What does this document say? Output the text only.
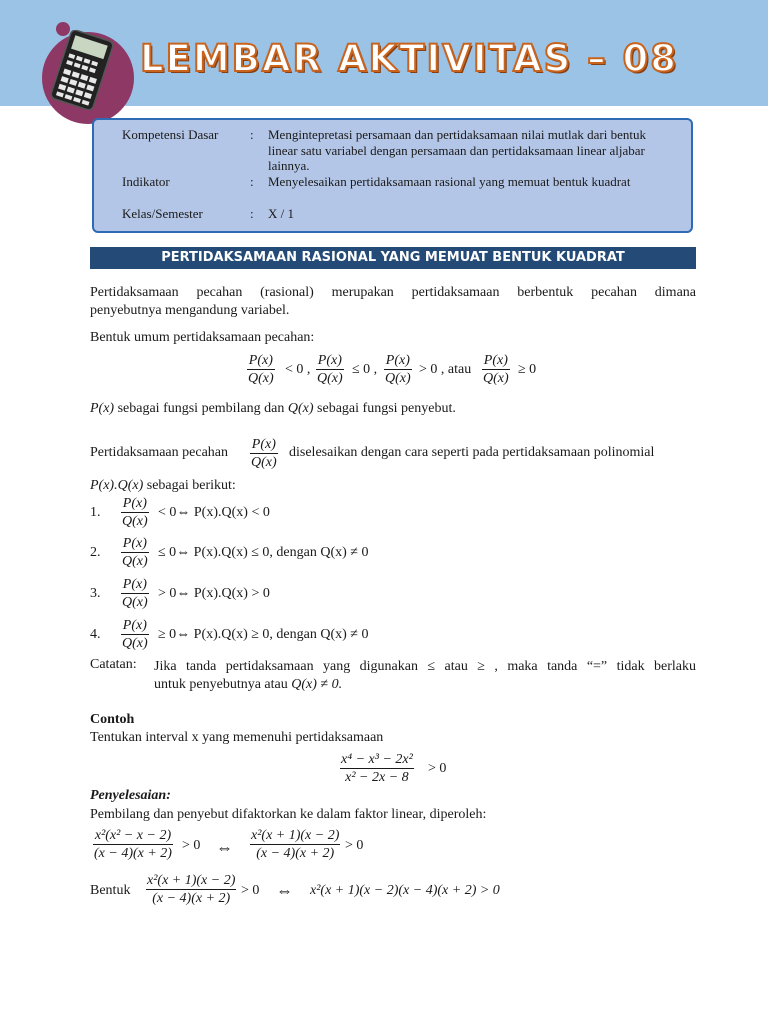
LEMBAR AKTIVITAS – 08
Kompetensi Dasar : Mengintepretasi persamaan dan pertidaksamaan nilai mutlak dari bentuk linear satu variabel dengan persamaan dan pertidaksamaan linear aljabar lainnya.
Indikator	: Menyelesaikan pertidaksamaan rasional yang memuat bentuk kuadrat
Kelas/Semester	: X / 1
PERTIDAKSAMAAN RASIONAL YANG MEMUAT BENTUK KUADRAT
Pertidaksamaan pecahan (rasional) merupakan pertidaksamaan berbentuk pecahan dimana
penyebutnya mengandung variabel.
Bentuk umum pertidaksamaan pecahan:
$\frac{P(x)}{Q(x)} < 0$ , $\frac{P(x)}{Q(x)} \le 0$ , $\frac{P(x)}{Q(x)} > 0$ , atau $\frac{P(x)}{Q(x)} \ge 0$
P(x) sebagai fungsi pembilang dan Q(x) sebagai fungsi penyebut.
Pertidaksamaan pecahan $\frac{P(x)}{Q(x)}$ diselesaikan dengan cara seperti pada pertidaksamaan polinomial
P(x).Q(x) sebagai berikut:
1. $\frac{P(x)}{Q(x)}$ < 0⇔ P(x).Q(x) < 0
2. $\frac{P(x)}{Q(x)}$ ≤ 0⇔ P(x).Q(x) ≤ 0, dengan Q(x) ≠ 0
3. $\frac{P(x)}{Q(x)}$ > 0⇔ P(x).Q(x) > 0
4. $\frac{P(x)}{Q(x)}$ ≥ 0⇔ P(x).Q(x) ≥ 0, dengan Q(x) ≠ 0
Catatan: Jika tanda pertidaksamaan yang digunakan ≤ atau ≥ , maka tanda “=” tidak berlaku
untuk penyebutnya atau Q(x) ≠ 0.
Contoh
Tentukan interval x yang memenuhi pertidaksamaan
$\frac{\text{x⁴ − x³ − 2x²}}{\text{x² − 2x − 8}} > 0$
Penyelesaian:
Pembilang dan penyebut difaktorkan ke dalam faktor linear, diperoleh:
$\frac{\text{x²(x² − x − 2)}}{(x - 4)(x + 2)} > 0$ ⇔ $\frac{\text{x²(x + 1)(x − 2)}}{(x - 4)(x + 2)} > 0$
Bentuk $\frac{\text{x²(x + 1)(x − 2)}}{(x - 4)(x + 2)} > 0$ ⇔ x²(x + 1)(x − 2)(x − 4)(x + 2) > 0
